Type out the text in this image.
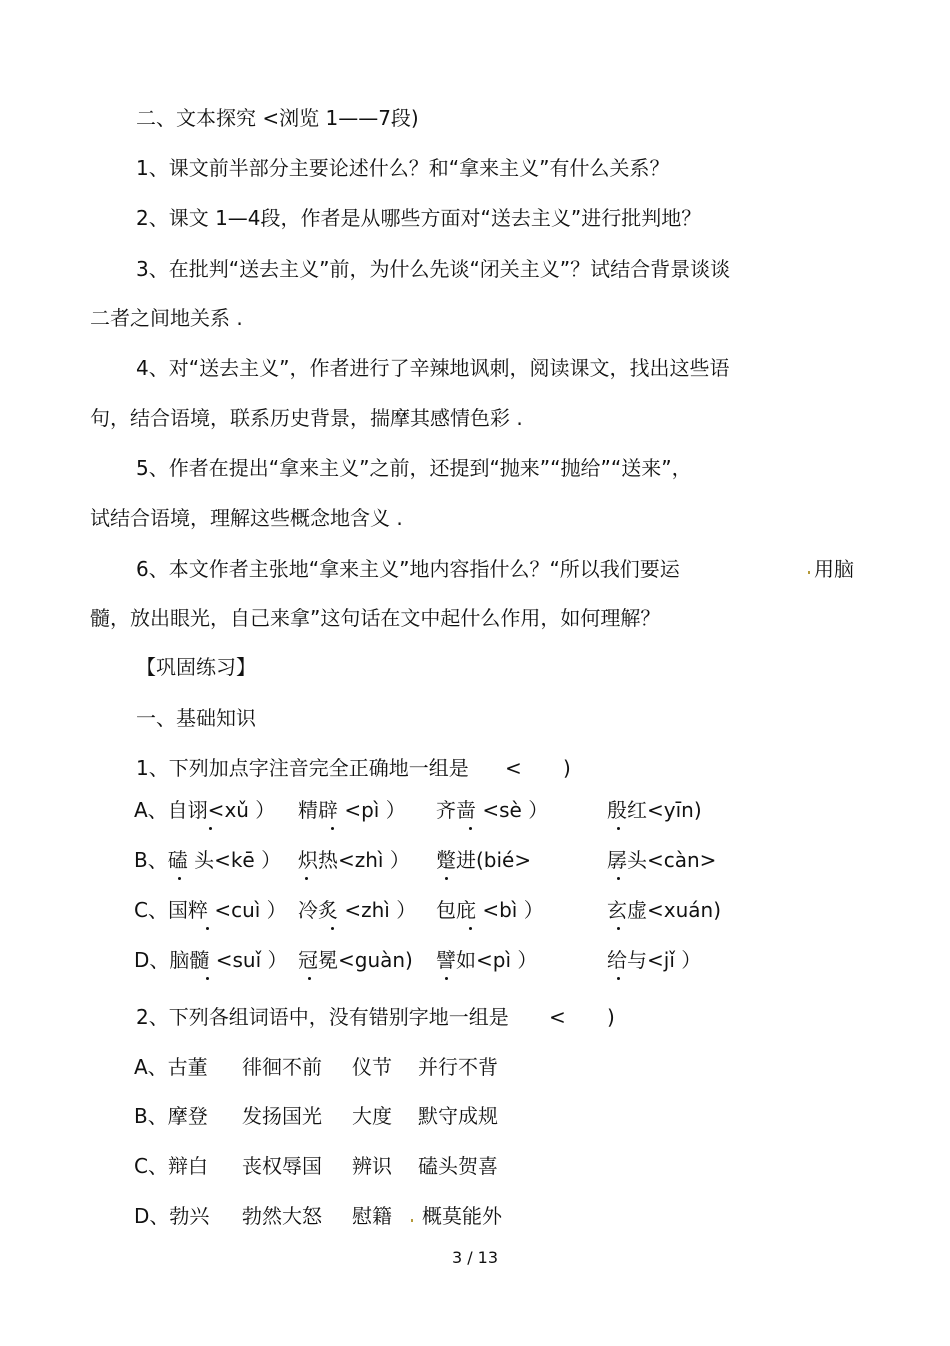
二、文本探究 <浏览 1——7段)
1、课文前半部分主要论述什么？和“拿来主义”有什么关系？
2、课文 1—4段，作者是从哪些方面对“送去主义”进行批判地？
3、在批判“送去主义”前，为什么先谈“闭关主义”？试结合背景谈谈
二者之间地关系 .
4、对“送去主义”，作者进行了辛辣地讽刺，阅读课文，找出这些语
句，结合语境，联系历史背景，揣摩其感情色彩 .
5、作者在提出“拿来主义”之前，还提到“抛来”“抛给”“送来”，
试结合语境，理解这些概念地含义 .
6、本文作者主张地“拿来主义”地内容指什么？“所以我们要运	用脑
髓，放出眼光，自己来拿”这句话在文中起什么作用，如何理解？
【巩固练习】
一、基础知识
1、下列加点字注音完全正确地一组是 < )
A、自诩<xǔ ） 精辟 <pì ） 齐啬 <sè ）	殷红<yīn)
B、磕 头<kē ） 炽热<zhì ） 蹩进(bié>	孱头<càn>
C、国粹 <cuì ） 冷炙 <zhì ） 包庇 <bì ）	玄虚<xuán)
D、脑髓 <suǐ ） 冠冕<guàn) 譬如<pì ）	给与<jǐ ）
2、下列各组词语中，没有错别字地一组是 < )
A、古董 徘徊不前 仪节 并行不背
B、摩登 发扬国光 大度 默守成规
C、辩白 丧权辱国 辨识 磕头贺喜
D、勃兴 勃然大怒 慰籍 概莫能外
3 / 13
